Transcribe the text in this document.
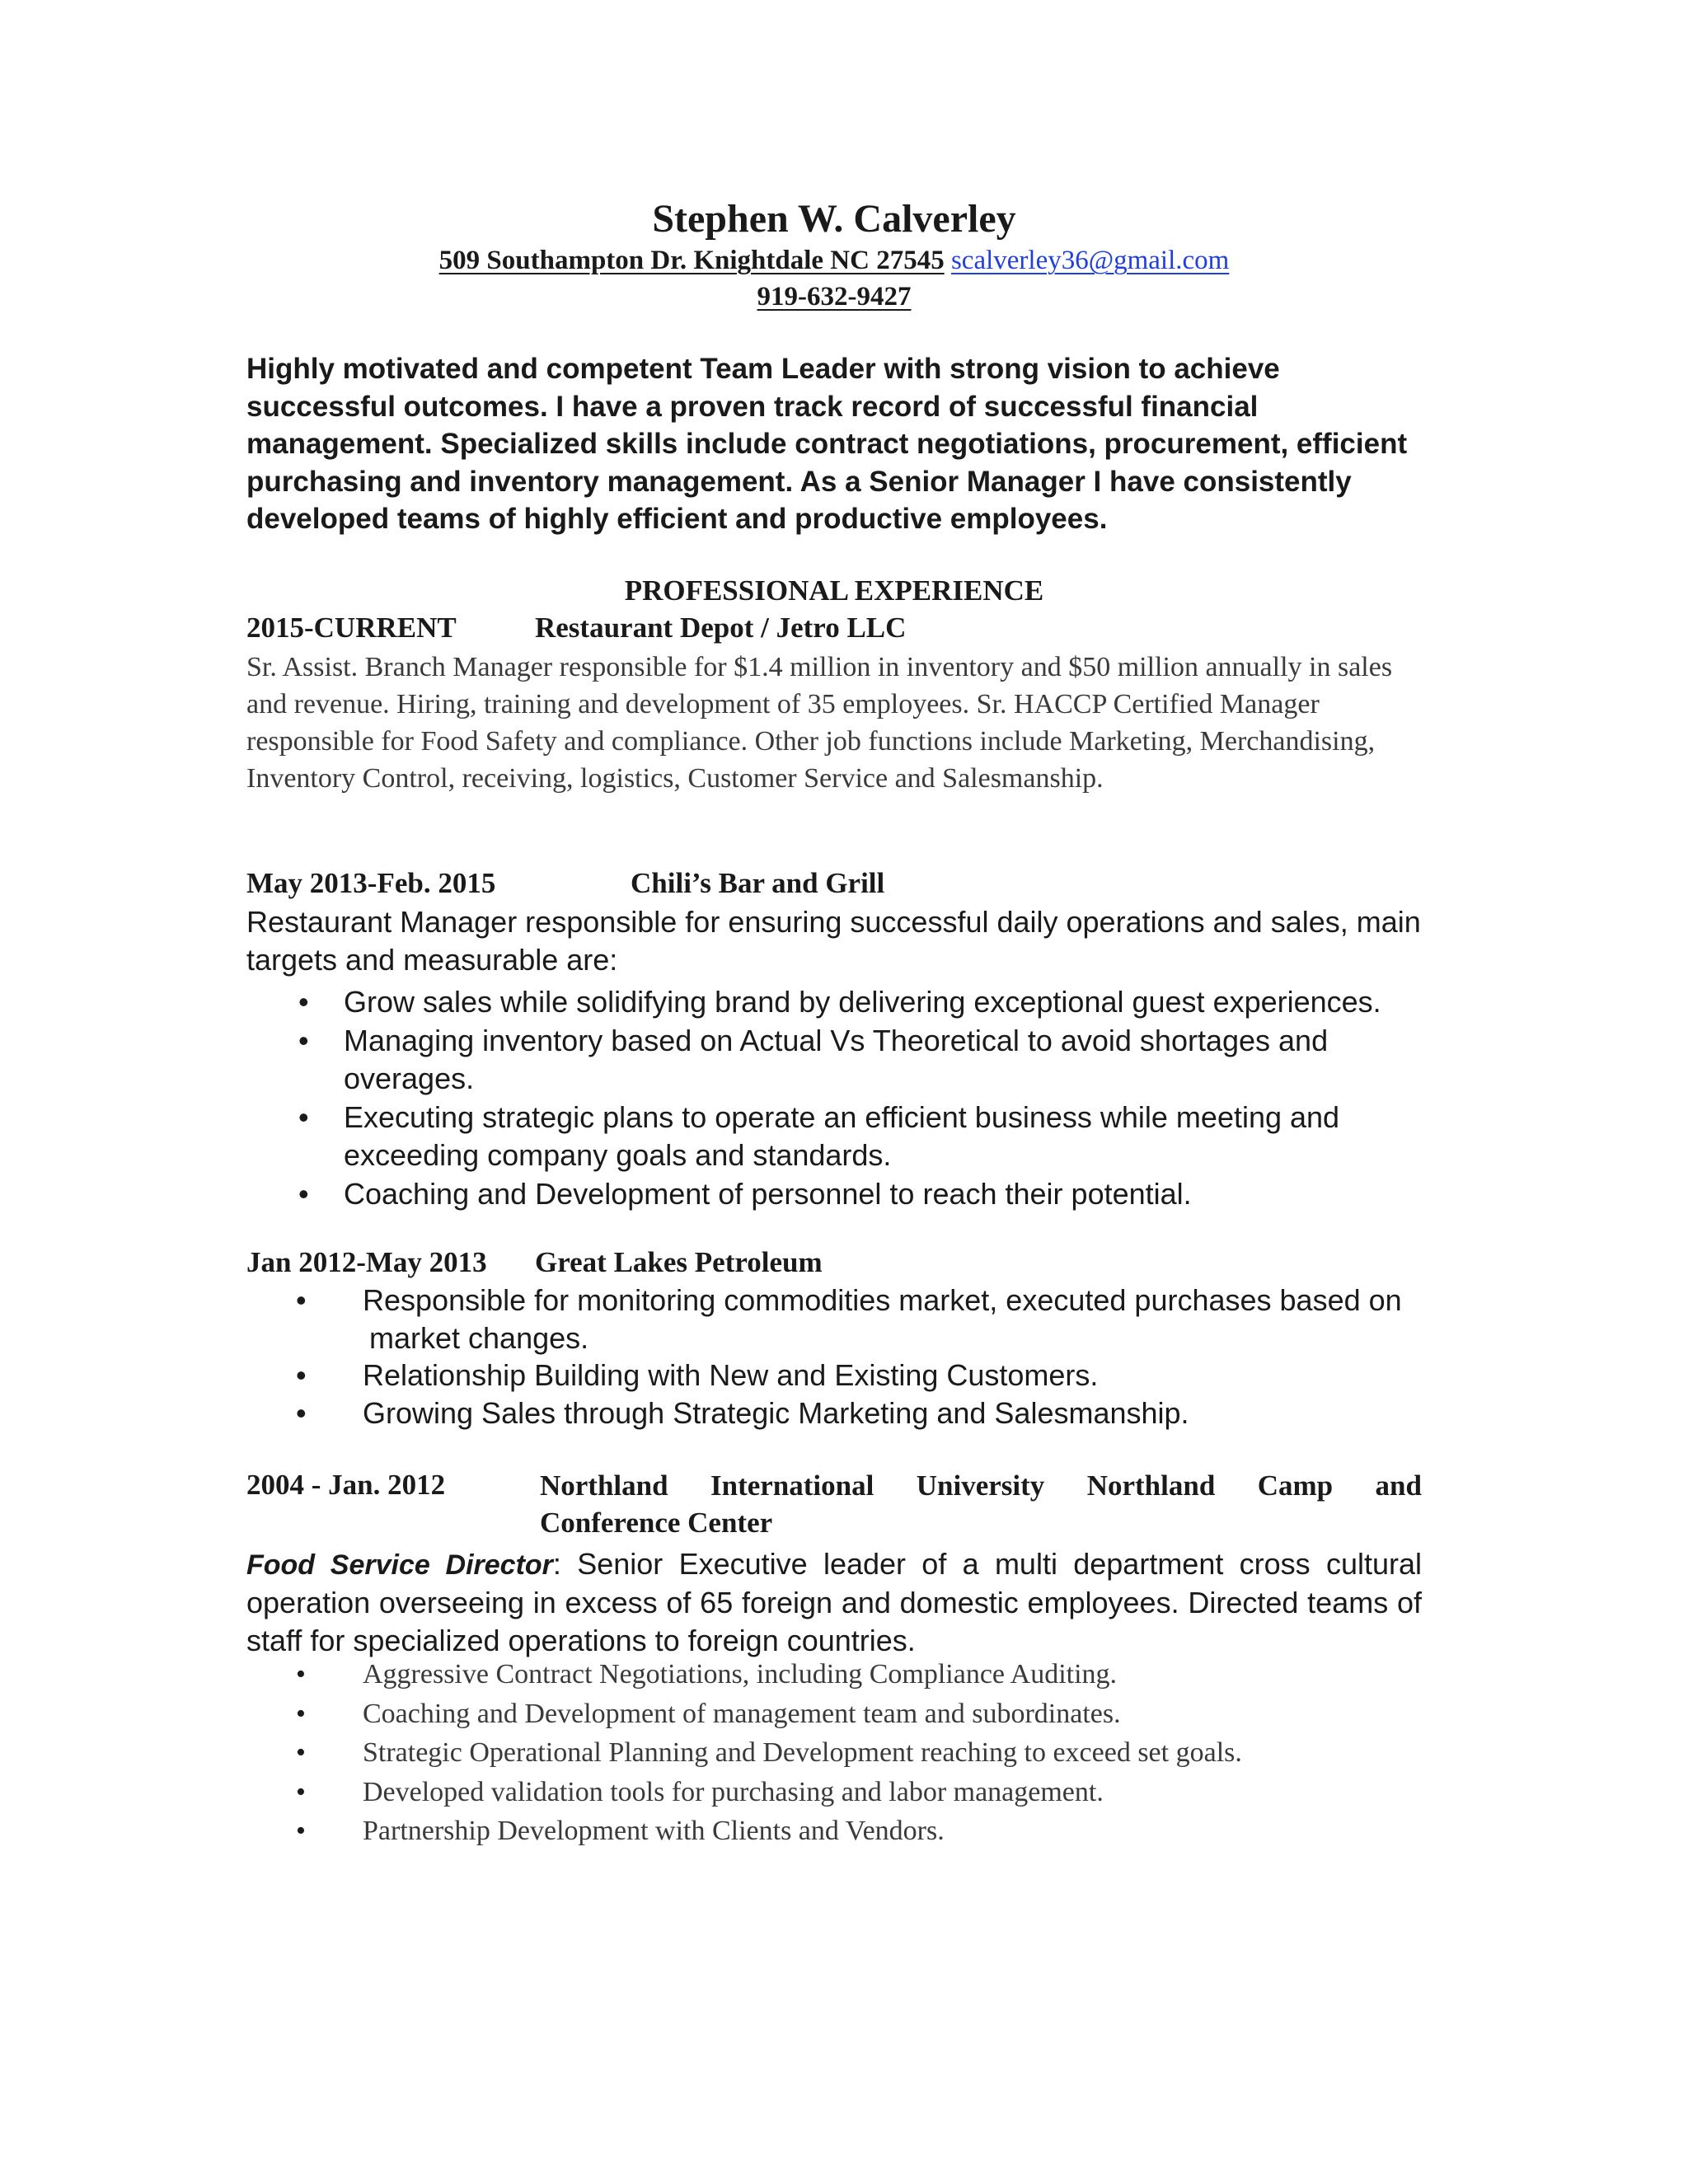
Stephen W. Calverley
509 Southampton Dr. Knightdale NC 27545 scalverley36@gmail.com
919-632-9427

Highly motivated and competent Team Leader with strong vision to achieve successful outcomes. I have a proven track record of successful financial management. Specialized skills include contract negotiations, procurement, efficient purchasing and inventory management. As a Senior Manager I have consistently developed teams of highly efficient and productive employees.

PROFESSIONAL EXPERIENCE
2015-CURRENT	Restaurant Depot / Jetro LLC

Sr. Assist. Branch Manager responsible for $1.4 million in inventory and $50 million annually in sales and revenue. Hiring, training and development of 35 employees. Sr. HACCP Certified Manager responsible for Food Safety and compliance. Other job functions include Marketing, Merchandising, Inventory Control, receiving, logistics, Customer Service and Salesmanship.

May 2013-Feb. 2015	Chili’s Bar and Grill

Restaurant Manager responsible for ensuring successful daily operations and sales, main targets and measurable are:

• Grow sales while solidifying brand by delivering exceptional guest experiences.
• Managing inventory based on Actual Vs Theoretical to avoid shortages and overages.
• Executing strategic plans to operate an efficient business while meeting and exceeding company goals and standards.
• Coaching and Development of personnel to reach their potential.
Jan 2012-May 2013 Great Lakes Petroleum
• Responsible for monitoring commodities market, executed purchases based on
market changes.
• Relationship Building with New and Existing Customers.
• Growing Sales through Strategic Marketing and Salesmanship.
2004 - Jan. 2012	Northland International University Northland Camp and
Conference Center

Food Service Director: Senior Executive leader of a multi department cross cultural operation overseeing in excess of 65 foreign and domestic employees. Directed teams of staff for specialized operations to foreign countries.

• Aggressive Contract Negotiations, including Compliance Auditing.
• Coaching and Development of management team and subordinates.
• Strategic Operational Planning and Development reaching to exceed set goals.
• Developed validation tools for purchasing and labor management.
• Partnership Development with Clients and Vendors.
